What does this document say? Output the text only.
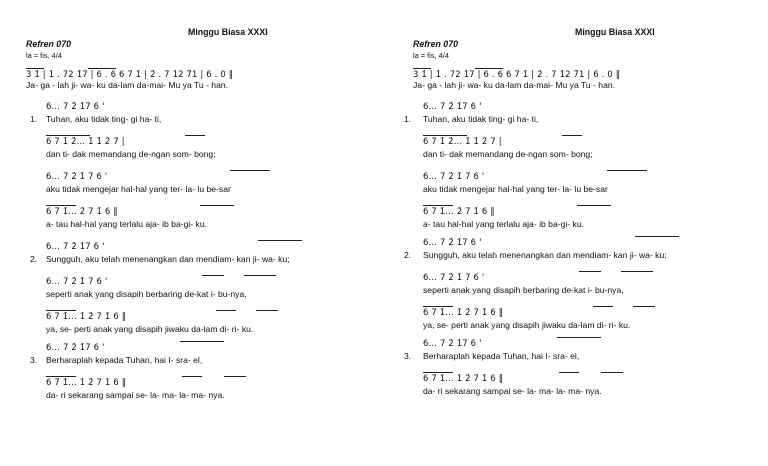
Minggu Biasa XXXI
Refren 070
la = fis, 4/4
3 1̇ | 1̇ . 72 1̇7 | 6 . 6 6 7 1̇ | 2̇ . 7 1̇2 7̇1 | 6 . 0 ‖
Ja- ga - lah ji- wa- ku da-lam da-mai- Mu ya Tu - han.
6... 7 2̇ 1̇7 6 '
1. Tuhan, aku tidak ting- gi ha- ti,
6 7 1̇ 2̇... 1̇ 1̇ 2̇ 7 |
dan ti- dak memandang de-ngan som- bong;
6... 7 2̇ 1̇ 7 6 '
aku tidak mengejar hal-hal yang ter- la- lu be-sar
6 7 1̇... 2̇ 7 1̇ 6 ‖
a- tau hal-hal yang terlalu aja- ib ba-gi- ku.
6... 7 2̇ 1̇7 6 '
2. Sungguh, aku telah menenangkan dan mendiam- kan ji- wa- ku;
6... 7 2̇ 1̇ 7 6 '
seperti anak yang disapih berbaring de-kat i- bu-nya,
6 7 1̇... 1̇ 2̇ 7 1̇ 6 ‖
ya, se- perti anak yang disapih jiwaku da-lam di- ri- ku.
6... 7 2̇ 1̇7 6 '
3. Berharaplah kepada Tuhan, hai I- sra- el,
6 7 1̇... 1̇ 2̇ 7 1̇ 6 ‖
da- ri sekarang sampai se- la- ma- la- ma- nya.
Minggu Biasa XXXI
Refren 070
la = fis, 4/4
3 1̇ | 1̇ . 72 1̇7 | 6 . 6 6 7 1̇ | 2̇ . 7 1̇2 7̇1 | 6 . 0 ‖
Ja- ga - lah ji- wa- ku da-lam da-mai- Mu ya Tu - han.
6... 7 2̇ 1̇7 6 '
1. Tuhan, aku tidak ting- gi ha- ti,
6 7 1̇ 2̇... 1̇ 1̇ 2̇ 7 |
dan ti- dak memandang de-ngan som- bong;
6... 7 2̇ 1̇ 7 6 '
aku tidak mengejar hal-hal yang ter- la- lu be-sar
6 7 1̇... 2̇ 7 1̇ 6 ‖
a- tau hal-hal yang terlalu aja- ib ba-gi- ku.
6... 7 2̇ 1̇7 6 '
2. Sungguh, aku telah menenangkan dan mendiam- kan ji- wa- ku;
6... 7 2̇ 1̇ 7 6 '
seperti anak yang disapih berbaring de-kat i- bu-nya,
6 7 1̇... 1̇ 2̇ 7 1̇ 6 ‖
ya, se- perti anak yang disapih jiwaku da-lam di- ri- ku.
6... 7 2̇ 1̇7 6 '
3. Berharaplah kepada Tuhan, hai I- sra- el,
6 7 1̇... 1̇ 2̇ 7 1̇ 6 ‖
da- ri sekarang sampai se- la- ma- la- ma- nya.
